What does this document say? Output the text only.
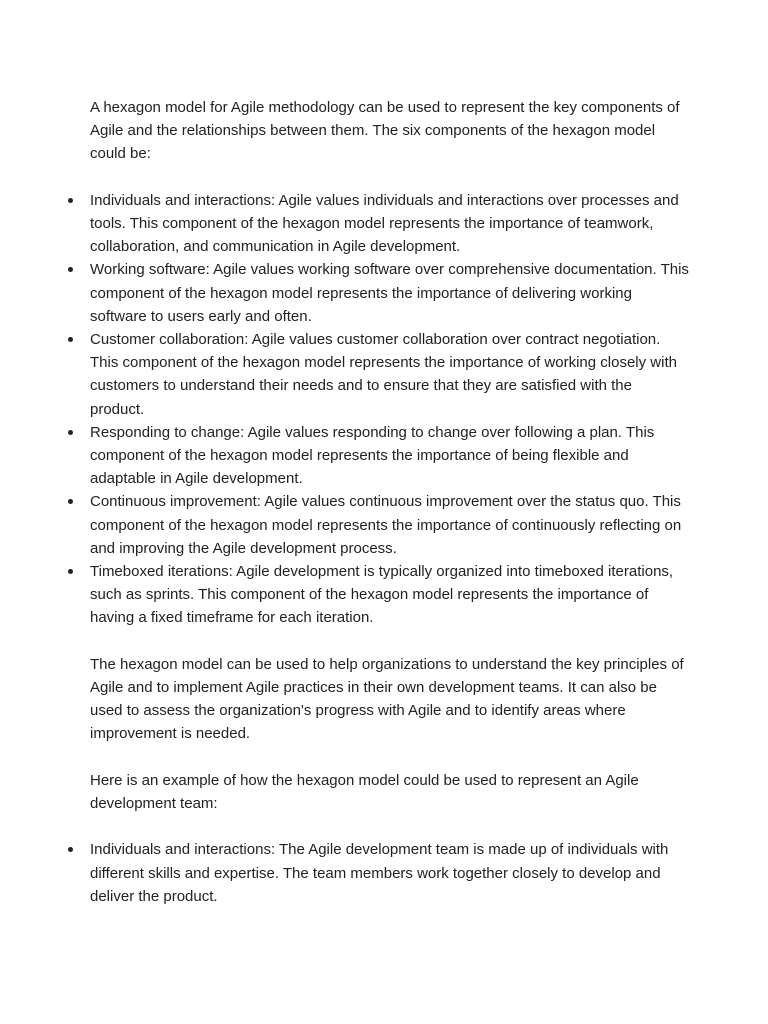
A hexagon model for Agile methodology can be used to represent the key components of Agile and the relationships between them. The six components of the hexagon model could be:

Individuals and interactions: Agile values individuals and interactions over processes and tools. This component of the hexagon model represents the importance of teamwork, collaboration, and communication in Agile development.
Working software: Agile values working software over comprehensive documentation. This component of the hexagon model represents the importance of delivering working software to users early and often.
Customer collaboration: Agile values customer collaboration over contract negotiation. This component of the hexagon model represents the importance of working closely with customers to understand their needs and to ensure that they are satisfied with the product.
Responding to change: Agile values responding to change over following a plan. This component of the hexagon model represents the importance of being flexible and adaptable in Agile development.
Continuous improvement: Agile values continuous improvement over the status quo. This component of the hexagon model represents the importance of continuously reflecting on and improving the Agile development process.
Timeboxed iterations: Agile development is typically organized into timeboxed iterations, such as sprints. This component of the hexagon model represents the importance of having a fixed timeframe for each iteration.

The hexagon model can be used to help organizations to understand the key principles of Agile and to implement Agile practices in their own development teams. It can also be used to assess the organization's progress with Agile and to identify areas where improvement is needed.

Here is an example of how the hexagon model could be used to represent an Agile development team:

Individuals and interactions: The Agile development team is made up of individuals with different skills and expertise. The team members work together closely to develop and deliver the product.
